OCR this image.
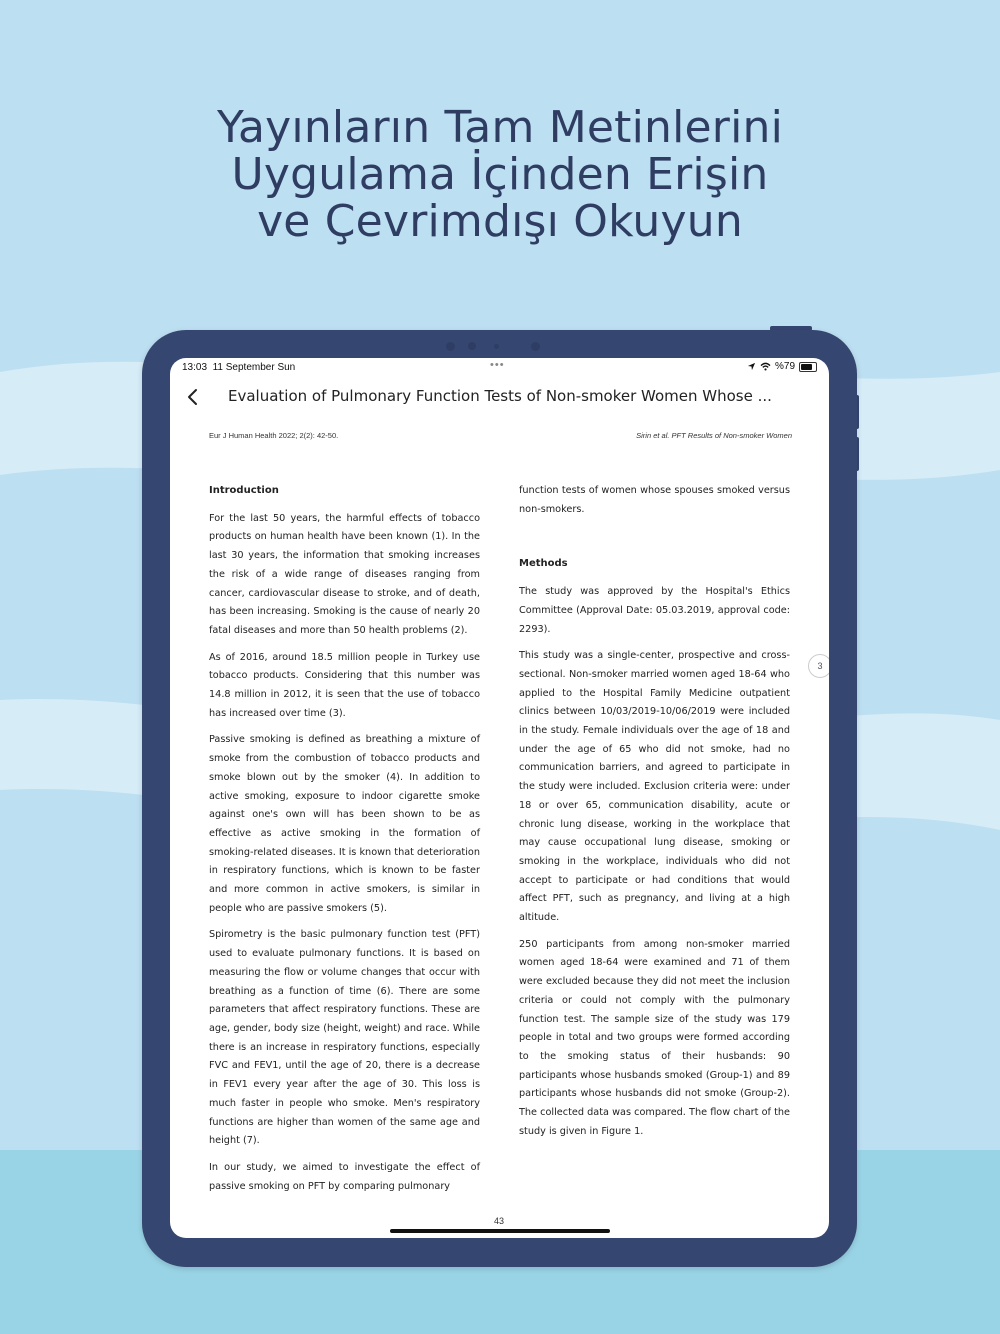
Yayınların Tam Metinlerini
Uygulama İçinden Erişin
ve Çevrimdışı Okuyun
13:03 11 September Sun	•••	%79
Evaluation of Pulmonary Function Tests of Non-smoker Women Whose ...
Eur J Human Health 2022; 2(2): 42-50.	Sirin et al. PFT Results of Non-smoker Women
Introduction

For the last 50 years, the harmful effects of tobacco products on human health have been known (1). In the last 30 years, the information that smoking increases the risk of a wide range of diseases ranging from cancer, cardiovascular disease to stroke, and of death, has been increasing. Smoking is the cause of nearly 20 fatal diseases and more than 50 health problems (2).

As of 2016, around 18.5 million people in Turkey use tobacco products. Considering that this number was 14.8 million in 2012, it is seen that the use of tobacco has increased over time (3).

Passive smoking is defined as breathing a mixture of smoke from the combustion of tobacco products and smoke blown out by the smoker (4). In addition to active smoking, exposure to indoor cigarette smoke against one's own will has been shown to be as effective as active smoking in the formation of smoking-related diseases. It is known that deterioration in respiratory functions, which is known to be faster and more common in active smokers, is similar in people who are passive smokers (5).

Spirometry is the basic pulmonary function test (PFT) used to evaluate pulmonary functions. It is based on measuring the flow or volume changes that occur with breathing as a function of time (6). There are some parameters that affect respiratory functions. These are age, gender, body size (height, weight) and race. While there is an increase in respiratory functions, especially FVC and FEV1, until the age of 20, there is a decrease in FEV1 every year after the age of 30. This loss is much faster in people who smoke. Men's respiratory functions are higher than women of the same age and height (7).

In our study, we aimed to investigate the effect of passive smoking on PFT by comparing pulmonary

function tests of women whose spouses smoked versus non-smokers.

Methods

The study was approved by the Hospital's Ethics Committee (Approval Date: 05.03.2019, approval code: 2293).

This study was a single-center, prospective and cross-sectional. Non-smoker married women aged 18-64 who applied to the Hospital Family Medicine outpatient clinics between 10/03/2019-10/06/2019 were included in the study. Female individuals over the age of 18 and under the age of 65 who did not smoke, had no communication barriers, and agreed to participate in the study were included. Exclusion criteria were: under 18 or over 65, communication disability, acute or chronic lung disease, working in the workplace that may cause occupational lung disease, smoking or smoking in the workplace, individuals who did not accept to participate or had conditions that would affect PFT, such as pregnancy, and living at a high altitude.

250 participants from among non-smoker married women aged 18-64 were examined and 71 of them were excluded because they did not meet the inclusion criteria or could not comply with the pulmonary function test. The sample size of the study was 179 people in total and two groups were formed according to the smoking status of their husbands: 90 participants whose husbands smoked (Group-1) and 89 participants whose husbands did not smoke (Group-2). The collected data was compared. The flow chart of the study is given in Figure 1.

43
3
